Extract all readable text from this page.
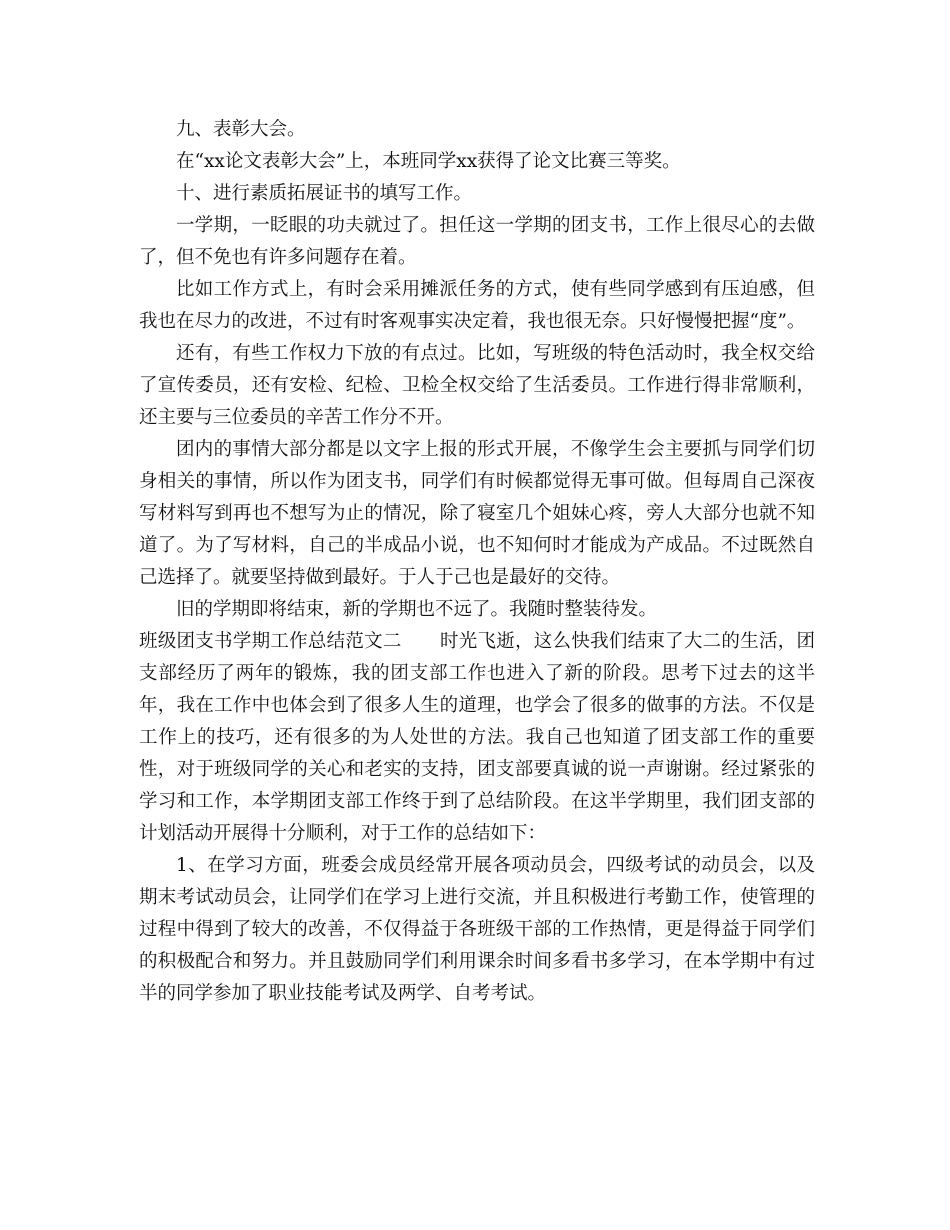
九、表彰大会。

在“xx论文表彰大会”上，本班同学xx获得了论文比赛三等奖。

十、进行素质拓展证书的填写工作。

一学期，一眨眼的功夫就过了。担任这一学期的团支书，工作上很尽心的去做了，但不免也有许多问题存在着。

比如工作方式上，有时会采用摊派任务的方式，使有些同学感到有压迫感，但我也在尽力的改进，不过有时客观事实决定着，我也很无奈。只好慢慢把握“度”。

还有，有些工作权力下放的有点过。比如，写班级的特色活动时，我全权交给了宣传委员，还有安检、纪检、卫检全权交给了生活委员。工作进行得非常顺利，还主要与三位委员的辛苦工作分不开。

团内的事情大部分都是以文字上报的形式开展，不像学生会主要抓与同学们切身相关的事情，所以作为团支书，同学们有时候都觉得无事可做。但每周自己深夜写材料写到再也不想写为止的情况，除了寝室几个姐妹心疼，旁人大部分也就不知道了。为了写材料，自己的半成品小说，也不知何时才能成为产成品。不过既然自己选择了。就要坚持做到最好。于人于己也是最好的交待。

旧的学期即将结束，新的学期也不远了。我随时整装待发。

班级团支书学期工作总结范文二 时光飞逝，这么快我们结束了大二的生活，团支部经历了两年的锻炼，我的团支部工作也进入了新的阶段。思考下过去的这半年，我在工作中也体会到了很多人生的道理，也学会了很多的做事的方法。不仅是工作上的技巧，还有很多的为人处世的方法。我自己也知道了团支部工作的重要性，对于班级同学的关心和老实的支持，团支部要真诚的说一声谢谢。经过紧张的学习和工作，本学期团支部工作终于到了总结阶段。在这半学期里，我们团支部的计划活动开展得十分顺利，对于工作的总结如下：

1、在学习方面，班委会成员经常开展各项动员会，四级考试的动员会，以及期末考试动员会，让同学们在学习上进行交流，并且积极进行考勤工作，使管理的过程中得到了较大的改善，不仅得益于各班级干部的工作热情，更是得益于同学们的积极配合和努力。并且鼓励同学们利用课余时间多看书多学习，在本学期中有过半的同学参加了职业技能考试及两学、自考考试。
